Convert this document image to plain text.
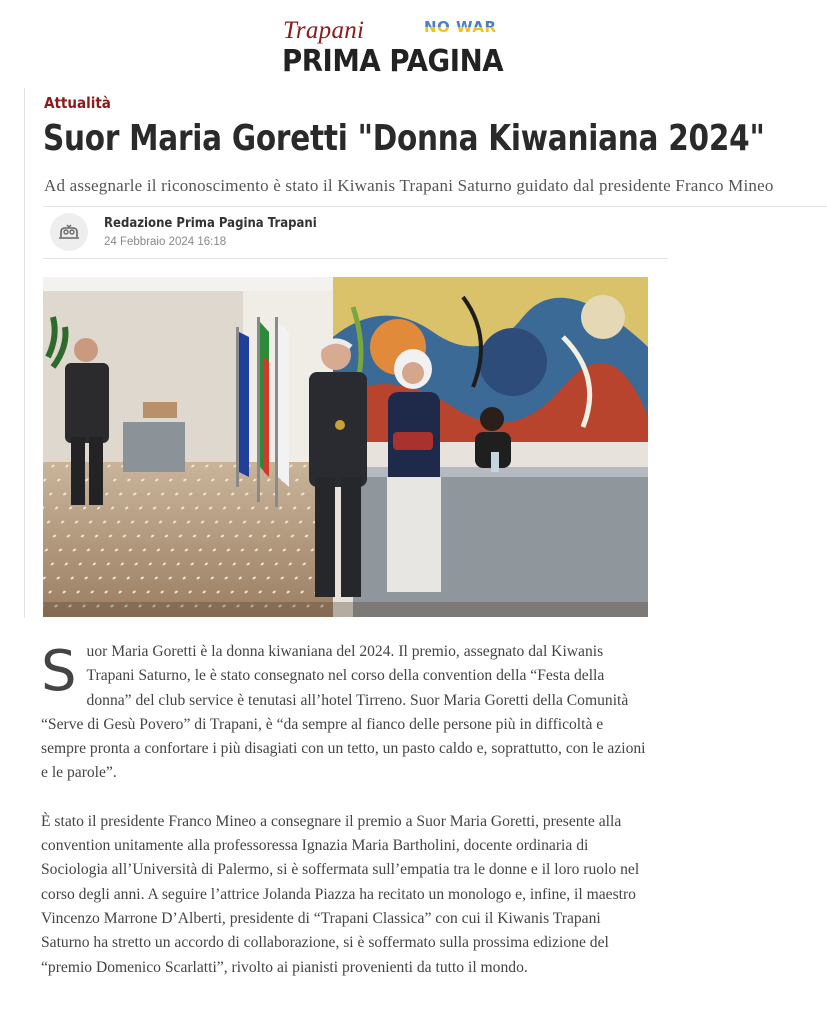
Trapani	NO WAR
PRIMA PAGINA
Attualità
Suor Maria Goretti "Donna Kiwaniana 2024"

Ad assegnarle il riconoscimento è stato il Kiwanis Trapani Saturno guidato dal presidente Franco Mineo

Redazione Prima Pagina Trapani
24 Febbraio 2024 16:18

S uor Maria Goretti è la donna kiwaniana del 2024. Il premio, assegnato dal Kiwanis Trapani Saturno, le è stato consegnato nel corso della convention della “Festa della donna” del club service è tenutasi all’hotel Tirreno. Suor Maria Goretti della Comunità “Serve di Gesù Povero” di Trapani, è “da sempre al fianco delle persone più in difficoltà e sempre pronta a confortare i più disagiati con un tetto, un pasto caldo e, soprattutto, con le azioni e le parole”.

È stato il presidente Franco Mineo a consegnare il premio a Suor Maria Goretti, presente alla convention unitamente alla professoressa Ignazia Maria Bartholini, docente ordinaria di Sociologia all’Università di Palermo, si è soffermata sull’empatia tra le donne e il loro ruolo nel corso degli anni. A seguire l’attrice Jolanda Piazza ha recitato un monologo e, infine, il maestro Vincenzo Marrone D’Alberti, presidente di “Trapani Classica” con cui il Kiwanis Trapani Saturno ha stretto un accordo di collaborazione, si è soffermato sulla prossima edizione del “premio Domenico Scarlatti”, rivolto ai pianisti provenienti da tutto il mondo.
